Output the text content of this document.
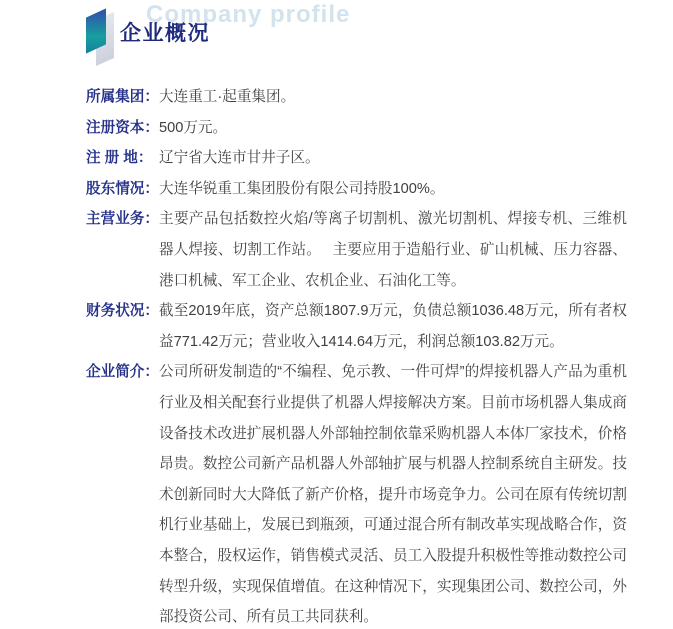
Company profile
企业概况
所属集团： 大连重工·起重集团。
注册资本： 500万元。
注 册 地： 辽宁省大连市甘井子区。
股东情况： 大连华锐重工集团股份有限公司持股100%。
主营业务： 主要产品包括数控火焰/等离子切割机、激光切割机、焊接专机、三维机器人焊接、切割工作站。　 主要应用于造船行业、矿山机械、压力容器、港口机械、军工企业、农机企业、石油化工等。
财务状况： 截至2019年底，资产总额1807.9万元，负债总额1036.48万元，所有者权益771.42万元；营业收入1414.64万元，利润总额103.82万元。
企业简介： 公司所研发制造的“不编程、免示教、一件可焊”的焊接机器人产品为重机行业及相关配套行业提供了机器人焊接解决方案。目前市场机器人集成商设备技术改进扩展机器人外部轴控制依靠采购机器人本体厂家技术，价格昂贵。数控公司新产品机器人外部轴扩展与机器人控制系统自主研发。技术创新同时大大降低了新产价格，提升市场竞争力。公司在原有传统切割机行业基础上，发展已到瓶颈，可通过混合所有制改革实现战略合作，资本整合，股权运作，销售模式灵活、员工入股提升积极性等推动数控公司转型升级，实现保值增值。在这种情况下，实现集团公司、数控公司，外部投资公司、所有员工共同获利。
